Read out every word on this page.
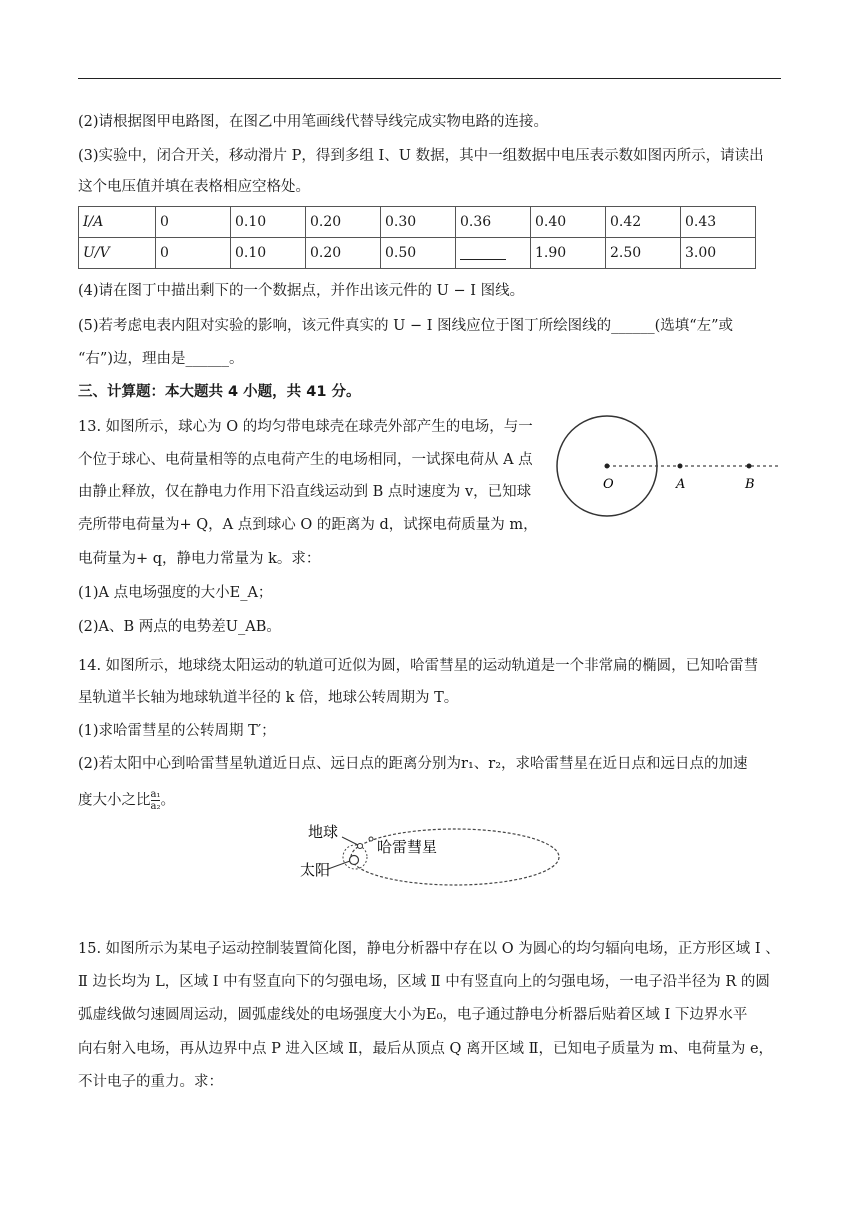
(2)请根据图甲电路图，在图乙中用笔画线代替导线完成实物电路的连接。
(3)实验中，闭合开关，移动滑片 P，得到多组 I、U 数据，其中一组数据中电压表示数如图丙所示，请读出
这个电压值并填在表格相应空格处。
I/A	0	0.10	0.20	0.30	0.36	0.40	0.42	0.43
U/V	0	0.10	0.20	0.50		1.90	2.50	3.00
(4)请在图丁中描出剩下的一个数据点，并作出该元件的 U − I 图线。
(5)若考虑电表内阻对实验的影响，该元件真实的 U − I 图线应位于图丁所绘图线的______(选填“左”或
“右”)边，理由是______。
三、计算题：本大题共 4 小题，共 41 分。
13. 如图所示，球心为 O 的均匀带电球壳在球壳外部产生的电场，与一
个位于球心、电荷量相等的点电荷产生的电场相同，一试探电荷从 A 点
由静止释放，仅在静电力作用下沿直线运动到 B 点时速度为 v，已知球
壳所带电荷量为+ Q，A 点到球心 O 的距离为 d，试探电荷质量为 m，
电荷量为+ q，静电力常量为 k。求：
(1)A 点电场强度的大小E_A；
(2)A、B 两点的电势差U_AB。
O	A	B
14. 如图所示，地球绕太阳运动的轨道可近似为圆，哈雷彗星的运动轨道是一个非常扁的椭圆，已知哈雷彗
星轨道半长轴为地球轨道半径的 k 倍，地球公转周期为 T。
(1)求哈雷彗星的公转周期 T′；
(2)若太阳中心到哈雷彗星轨道近日点、远日点的距离分别为r₁、r₂，求哈雷彗星在近日点和远日点的加速
度大小之比 $\frac{\text{a₁}}{\text{a₂}}$ 。
地球
太阳
哈雷彗星
15. 如图所示为某电子运动控制装置简化图，静电分析器中存在以 O 为圆心的均匀辐向电场，正方形区域 Ⅰ 、
Ⅱ 边长均为 L，区域 Ⅰ 中有竖直向下的匀强电场，区域 Ⅱ 中有竖直向上的匀强电场，一电子沿半径为 R 的圆
弧虚线做匀速圆周运动，圆弧虚线处的电场强度大小为E₀，电子通过静电分析器后贴着区域 Ⅰ 下边界水平
向右射入电场，再从边界中点 P 进入区域 Ⅱ，最后从顶点 Q 离开区域 Ⅱ，已知电子质量为 m、电荷量为 e，
不计电子的重力。求：
